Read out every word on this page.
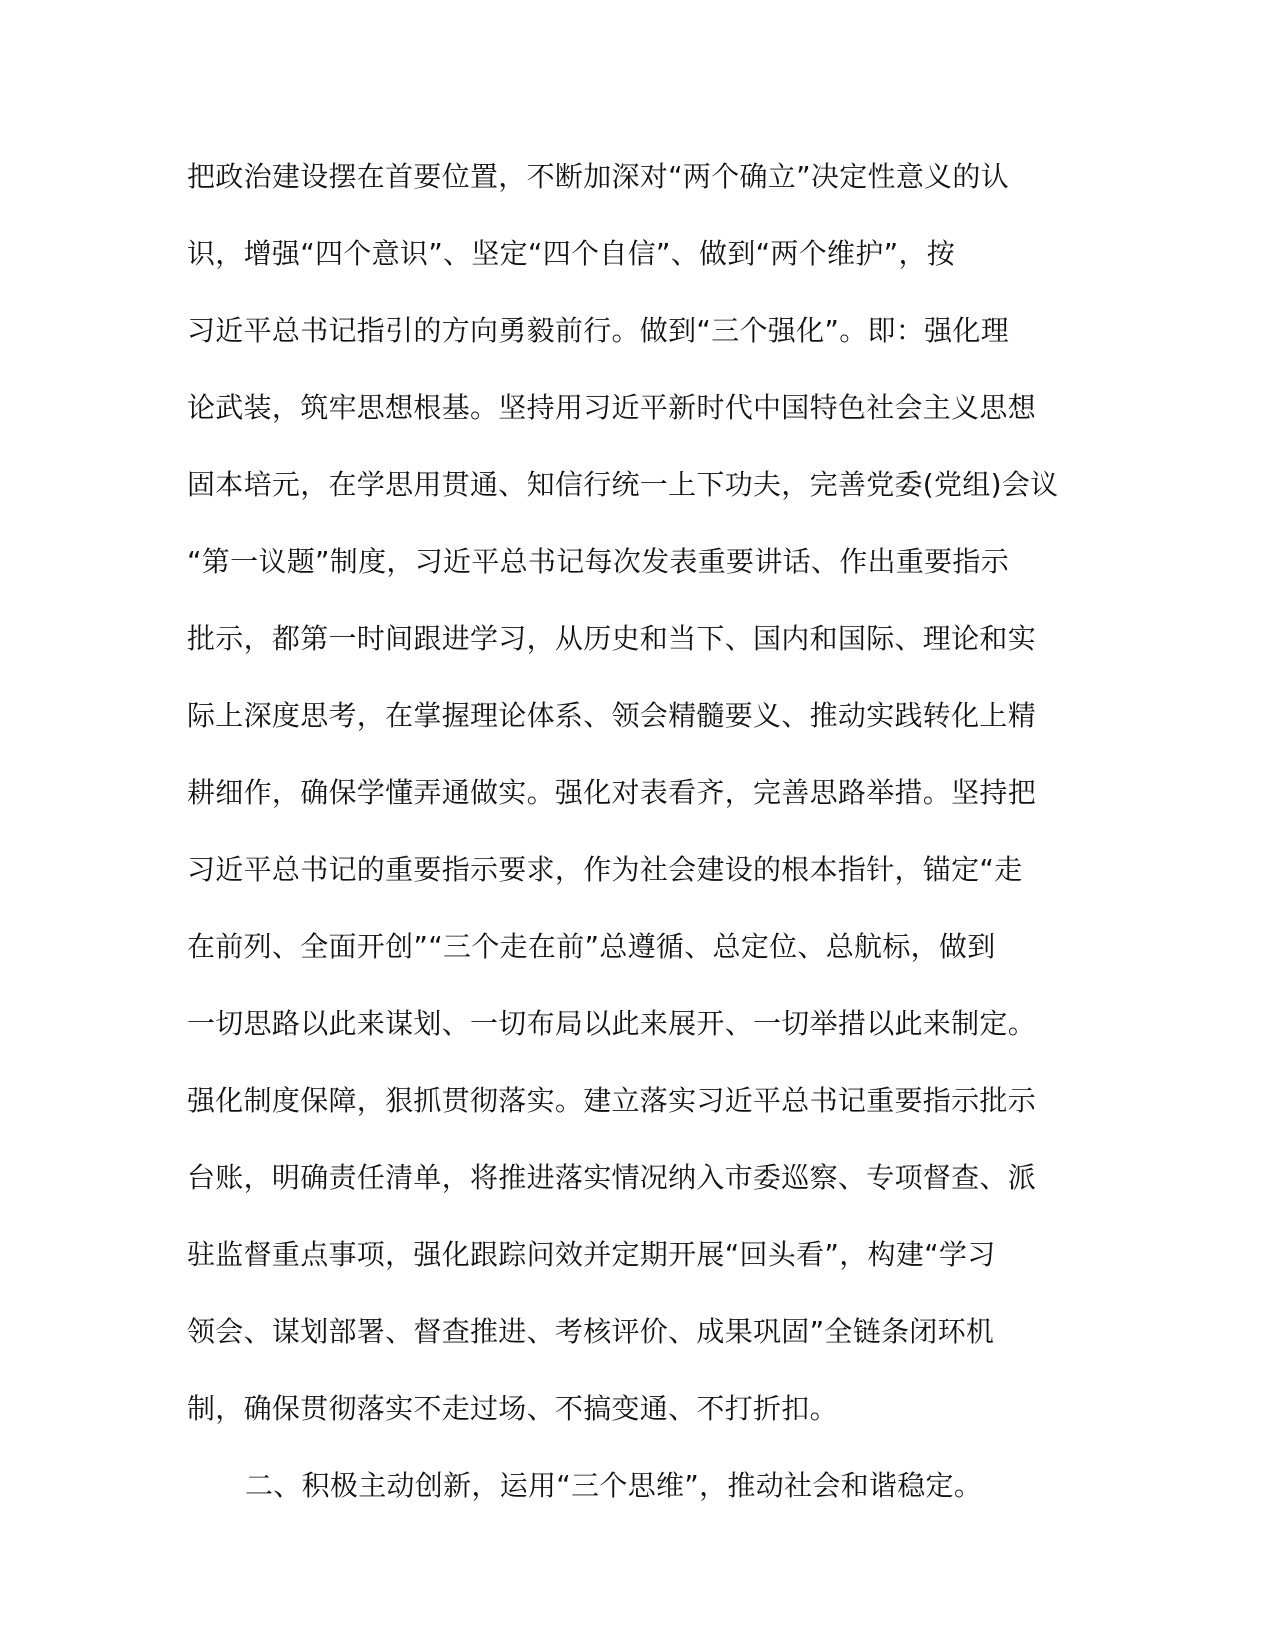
把政治建设摆在首要位置，不断加深对“两个确立”决定性意义的认
识，增强“四个意识”、坚定“四个自信”、做到“两个维护”，按
习近平总书记指引的方向勇毅前行。做到“三个强化”。即：强化理
论武装，筑牢思想根基。坚持用习近平新时代中国特色社会主义思想
固本培元，在学思用贯通、知信行统一上下功夫，完善党委(党组)会议
“第一议题”制度，习近平总书记每次发表重要讲话、作出重要指示
批示，都第一时间跟进学习，从历史和当下、国内和国际、理论和实
际上深度思考，在掌握理论体系、领会精髓要义、推动实践转化上精
耕细作，确保学懂弄通做实。强化对表看齐，完善思路举措。坚持把
习近平总书记的重要指示要求，作为社会建设的根本指针，锚定“走
在前列、全面开创”“三个走在前”总遵循、总定位、总航标，做到
一切思路以此来谋划、一切布局以此来展开、一切举措以此来制定。
强化制度保障，狠抓贯彻落实。建立落实习近平总书记重要指示批示
台账，明确责任清单，将推进落实情况纳入市委巡察、专项督查、派
驻监督重点事项，强化跟踪问效并定期开展“回头看”，构建“学习
领会、谋划部署、督查推进、考核评价、成果巩固”全链条闭环机
制，确保贯彻落实不走过场、不搞变通、不打折扣。
二、积极主动创新，运用“三个思维”，推动社会和谐稳定。
